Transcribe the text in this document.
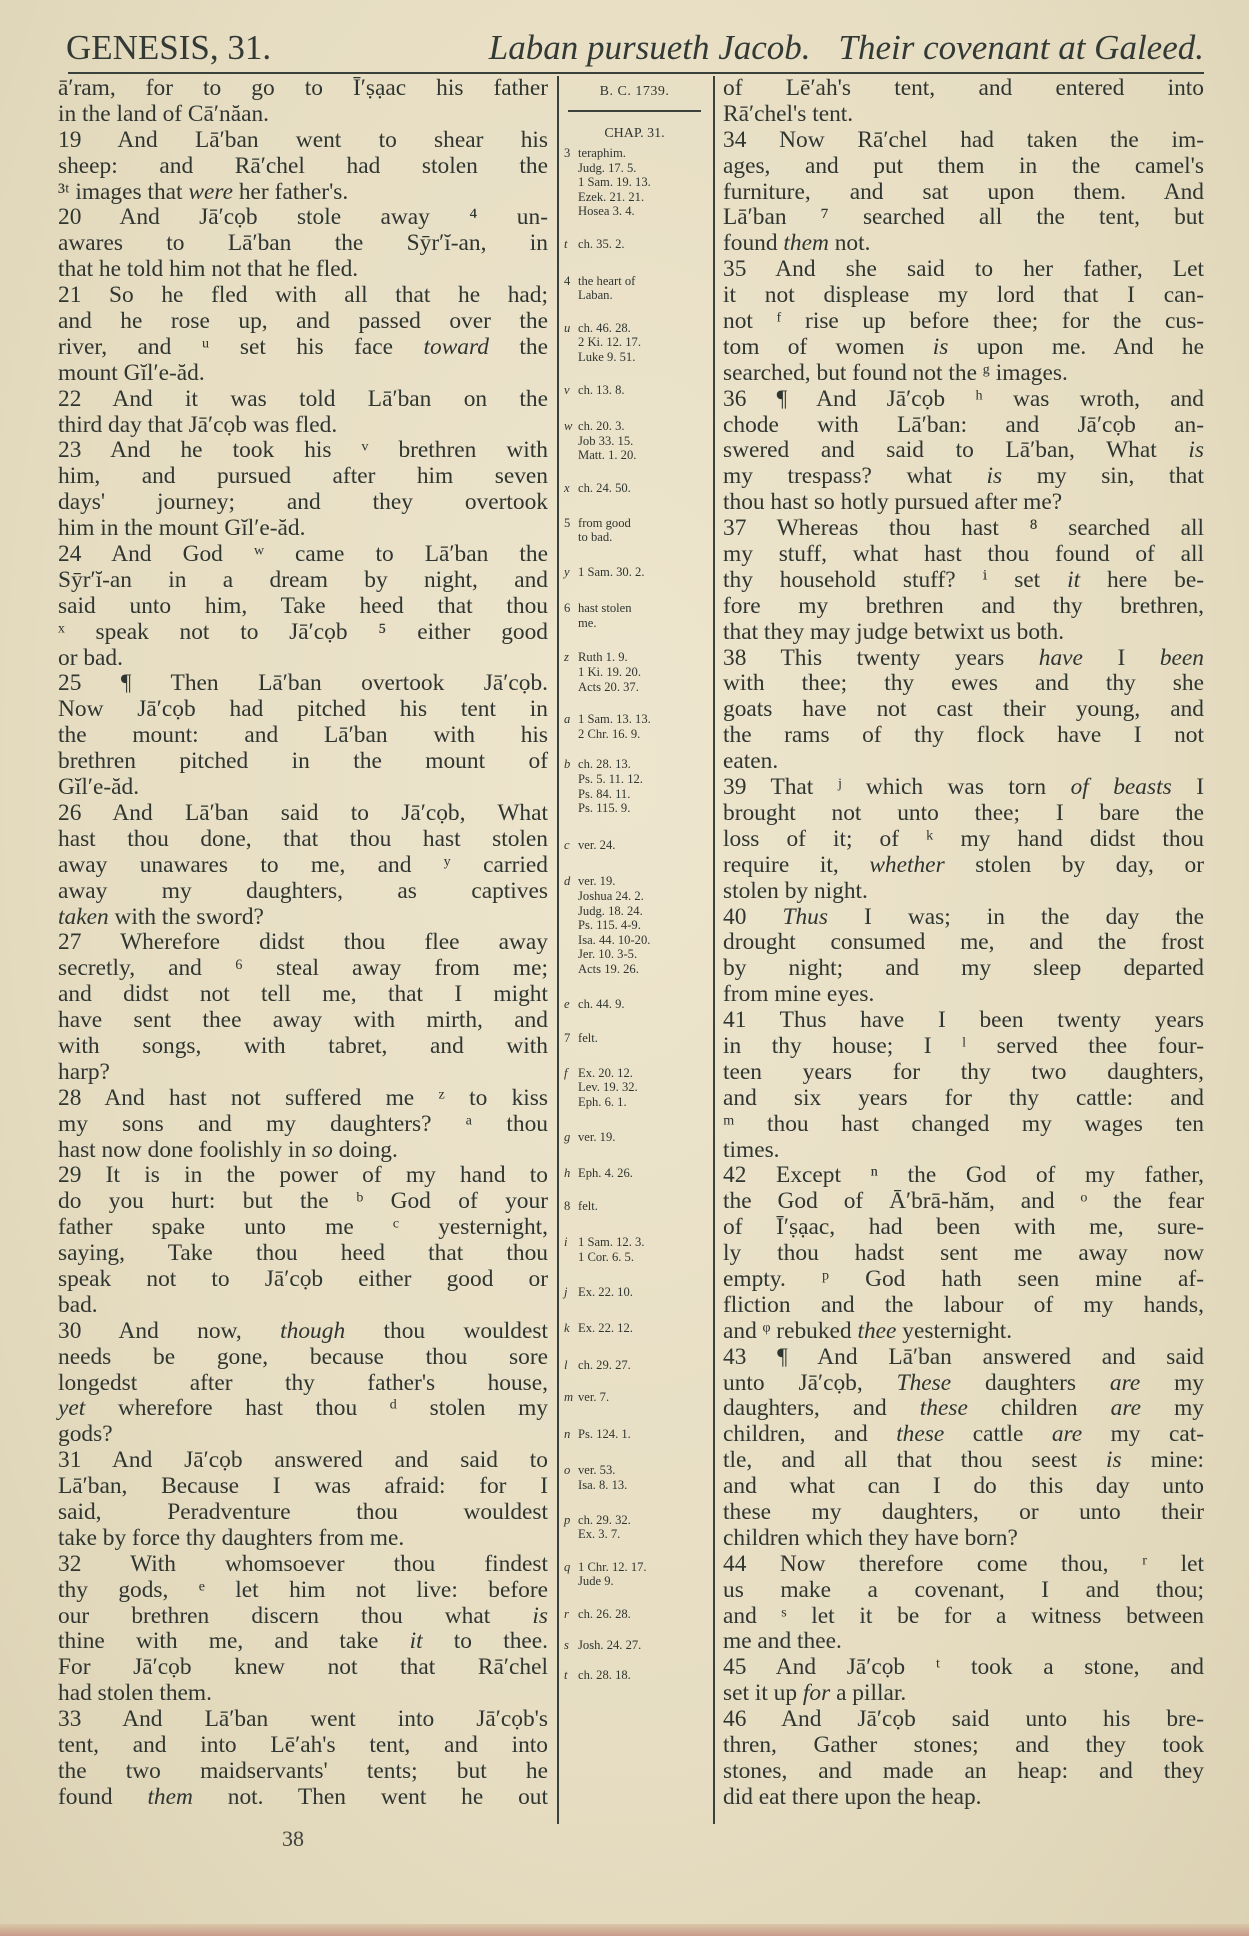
GENESIS, 31.	Laban pursueth Jacob. Their covenant at Galeed.
ā′ram, for to go to Ī′ṣạac his father
in the land of Cā′năan.
19 And Lā′ban went to shear his
sheep: and Rā′chel had stolen the
³ᵗ images that were her father's.
20 And Jā′cọb stole away ⁴ un-
awares to Lā′ban the Sȳr′ĭ-an, in
that he told him not that he fled.
21 So he fled with all that he had;
and he rose up, and passed over the
river, and ᵘ set his face toward the
mount Gĭl′e-ăd.
22 And it was told Lā′ban on the
third day that Jā′cọb was fled.
23 And he took his ᵛ brethren with
him, and pursued after him seven
days' journey; and they overtook
him in the mount Gĭl′e-ăd.
24 And God ʷ came to Lā′ban the
Sȳr′ĭ-an in a dream by night, and
said unto him, Take heed that thou
ˣ speak not to Jā′cọb ⁵ either good
or bad.
25 ¶ Then Lā′ban overtook Jā′cọb.
Now Jā′cọb had pitched his tent in
the mount: and Lā′ban with his
brethren pitched in the mount of
Gĭl′e-ăd.
26 And Lā′ban said to Jā′cọb, What
hast thou done, that thou hast stolen
away unawares to me, and ʸ carried
away my daughters, as captives
taken with the sword?
27 Wherefore didst thou flee away
secretly, and ⁶ steal away from me;
and didst not tell me, that I might
have sent thee away with mirth, and
with songs, with tabret, and with
harp?
28 And hast not suffered me ᶻ to kiss
my sons and my daughters? ᵃ thou
hast now done foolishly in so doing.
29 It is in the power of my hand to
do you hurt: but the ᵇ God of your
father spake unto me ᶜ yesternight,
saying, Take thou heed that thou
speak not to Jā′cọb either good or
bad.
30 And now, though thou wouldest
needs be gone, because thou sore
longedst after thy father's house,
yet wherefore hast thou ᵈ stolen my
gods?
31 And Jā′cọb answered and said to
Lā′ban, Because I was afraid: for I
said, Peradventure thou wouldest
take by force thy daughters from me.
32 With whomsoever thou findest
thy gods, ᵉ let him not live: before
our brethren discern thou what is
thine with me, and take it to thee.
For Jā′cọb knew not that Rā′chel
had stolen them.
33 And Lā′ban went into Jā′cọb's
tent, and into Lē′ah's tent, and into
the two maidservants' tents; but he
found them not. Then went he out
B. C. 1739.
CHAP. 31.
3 teraphim.
Judg. 17. 5.
1 Sam. 19. 13.
Ezek. 21. 21.
Hosea 3. 4.
t ch. 35. 2.
4 the heart of
Laban.
u ch. 46. 28.
2 Ki. 12. 17.
Luke 9. 51.
v ch. 13. 8.
w ch. 20. 3.
Job 33. 15.
Matt. 1. 20.
x ch. 24. 50.
5 from good
to bad.
y 1 Sam. 30. 2.
6 hast stolen
me.
z Ruth 1. 9.
1 Ki. 19. 20.
Acts 20. 37.
a 1 Sam. 13. 13.
2 Chr. 16. 9.
b ch. 28. 13.
Ps. 5. 11. 12.
Ps. 84. 11.
Ps. 115. 9.
c ver. 24.
d ver. 19.
Joshua 24. 2.
Judg. 18. 24.
Ps. 115. 4-9.
Isa. 44. 10-20.
Jer. 10. 3-5.
Acts 19. 26.
e ch. 44. 9.
7 felt.
f Ex. 20. 12.
Lev. 19. 32.
Eph. 6. 1.
g ver. 19.
h Eph. 4. 26.
8 felt.
i 1 Sam. 12. 3.
1 Cor. 6. 5.
j Ex. 22. 10.
k Ex. 22. 12.
l ch. 29. 27.
m ver. 7.
n Ps. 124. 1.
o ver. 53.
Isa. 8. 13.
p ch. 29. 32.
Ex. 3. 7.
q 1 Chr. 12. 17.
Jude 9.
r ch. 26. 28.
s Josh. 24. 27.
t ch. 28. 18.
of Lē′ah's tent, and entered into
Rā′chel's tent.
34 Now Rā′chel had taken the im-
ages, and put them in the camel's
furniture, and sat upon them. And
Lā′ban ⁷ searched all the tent, but
found them not.
35 And she said to her father, Let
it not displease my lord that I can-
not ᶠ rise up before thee; for the cus-
tom of women is upon me. And he
searched, but found not the ᵍ images.
36 ¶ And Jā′cọb ʰ was wroth, and
chode with Lā′ban: and Jā′cọb an-
swered and said to Lā′ban, What is
my trespass? what is my sin, that
thou hast so hotly pursued after me?
37 Whereas thou hast ⁸ searched all
my stuff, what hast thou found of all
thy household stuff? ⁱ set it here be-
fore my brethren and thy brethren,
that they may judge betwixt us both.
38 This twenty years have I been
with thee; thy ewes and thy she
goats have not cast their young, and
the rams of thy flock have I not
eaten.
39 That ʲ which was torn of beasts I
brought not unto thee; I bare the
loss of it; of ᵏ my hand didst thou
require it, whether stolen by day, or
stolen by night.
40 Thus I was; in the day the
drought consumed me, and the frost
by night; and my sleep departed
from mine eyes.
41 Thus have I been twenty years
in thy house; I ˡ served thee four-
teen years for thy two daughters,
and six years for thy cattle: and
ᵐ thou hast changed my wages ten
times.
42 Except ⁿ the God of my father,
the God of Ā′brā-hăm, and ᵒ the fear
of Ī′ṣạac, had been with me, sure-
ly thou hadst sent me away now
empty. ᵖ God hath seen mine af-
fliction and the labour of my hands,
and ᵠ rebuked thee yesternight.
43 ¶ And Lā′ban answered and said
unto Jā′cọb, These daughters are my
daughters, and these children are my
children, and these cattle are my cat-
tle, and all that thou seest is mine:
and what can I do this day unto
these my daughters, or unto their
children which they have born?
44 Now therefore come thou, ʳ let
us make a covenant, I and thou;
and ˢ let it be for a witness between
me and thee.
45 And Jā′cọb ᵗ took a stone, and
set it up for a pillar.
46 And Jā′cọb said unto his bre-
thren, Gather stones; and they took
stones, and made an heap: and they
did eat there upon the heap.
38
